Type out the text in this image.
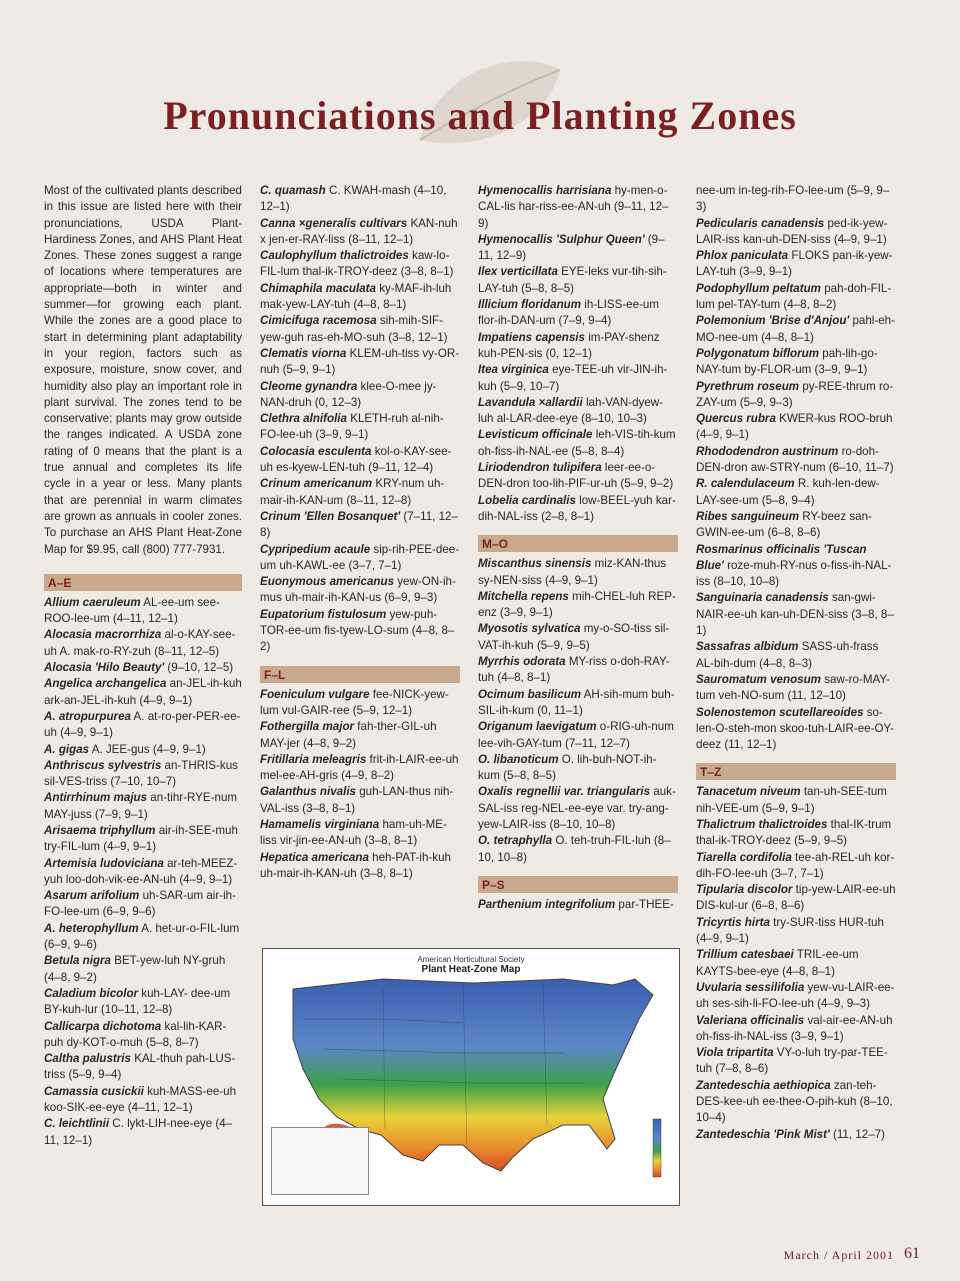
Pronunciations and Planting Zones

Most of the cultivated plants described in this issue are listed here with their pronunciations, USDA Plant-Hardiness Zones, and AHS Plant Heat Zones. These zones suggest a range of locations where temperatures are appropriate—both in winter and summer—for growing each plant. While the zones are a good place to start in determining plant adaptability in your region, factors such as exposure, moisture, snow cover, and humidity also play an important role in plant survival. The zones tend to be conservative; plants may grow outside the ranges indicated. A USDA zone rating of 0 means that the plant is a true annual and completes its life cycle in a year or less. Many plants that are perennial in warm climates are grown as annuals in cooler zones. To purchase an AHS Plant Heat-Zone Map for $9.95, call (800) 777-7931.

A–E
Allium caeruleum AL-ee-um see-ROO-lee-um (4–11, 12–1)
Alocasia macrorrhiza al-o-KAY-see-uh A. mak-ro-RY-zuh (8–11, 12–5)
Alocasia 'Hilo Beauty' (9–10, 12–5)
Angelica archangelica an-JEL-ih-kuh ark-an-JEL-ih-kuh (4–9, 9–1)
A. atropurpurea A. at-ro-per-PER-ee-uh (4–9, 9–1)
A. gigas A. JEE-gus (4–9, 9–1)
Anthriscus sylvestris an-THRIS-kus sil-VES-triss (7–10, 10–7)
Antirrhinum majus an-tihr-RYE-num MAY-juss (7–9, 9–1)
Arisaema triphyllum air-ih-SEE-muh try-FIL-lum (4–9, 9–1)
Artemisia ludoviciana ar-teh-MEEZ-yuh loo-doh-vik-ee-AN-uh (4–9, 9–1)
Asarum arifolium uh-SAR-um air-ih-FO-lee-um (6–9, 9–6)
A. heterophyllum A. het-ur-o-FIL-lum (6–9, 9–6)
Betula nigra BET-yew-luh NY-gruh (4–8, 9–2)
Caladium bicolor kuh-LAY- dee-um BY-kuh-lur (10–11, 12–8)
Callicarpa dichotoma kal-lih-KAR-puh dy-KOT-o-muh (5–8, 8–7)
Caltha palustris KAL-thuh pah-LUS-triss (5–9, 9–4)
Camassia cusickii kuh-MASS-ee-uh koo-SIK-ee-eye (4–11, 12–1)
C. leichtlinii C. lykt-LIH-nee-eye (4–11, 12–1)
C. quamash C. KWAH-mash (4–10, 12–1)
Canna ×generalis cultivars KAN-nuh x jen-er-RAY-liss (8–11, 12–1)
Caulophyllum thalictroides kaw-lo-FIL-lum thal-ik-TROY-deez (3–8, 8–1)
Chimaphila maculata ky-MAF-ih-luh mak-yew-LAY-tuh (4–8, 8–1)
Cimicifuga racemosa sih-mih-SIF-yew-guh ras-eh-MO-suh (3–8, 12–1)
Clematis viorna KLEM-uh-tiss vy-OR-nuh (5–9, 9–1)
Cleome gynandra klee-O-mee jy-NAN-druh (0, 12–3)
Clethra alnifolia KLETH-ruh al-nih-FO-lee-uh (3–9, 9–1)
Colocasia esculenta kol-o-KAY-see-uh es-kyew-LEN-tuh (9–11, 12–4)
Crinum americanum KRY-num uh-mair-ih-KAN-um (8–11, 12–8)
Crinum 'Ellen Bosanquet' (7–11, 12–8)
Cypripedium acaule sip-rih-PEE-dee-um uh-KAWL-ee (3–7, 7–1)
Euonymous americanus yew-ON-ih-mus uh-mair-ih-KAN-us (6–9, 9–3)
Eupatorium fistulosum yew-puh-TOR-ee-um fis-tyew-LO-sum (4–8, 8–2)
F–L
Foeniculum vulgare fee-NICK-yew-lum vul-GAIR-ree (5–9, 12–1)
Fothergilla major fah-ther-GIL-uh MAY-jer (4–8, 9–2)
Fritillaria meleagris frit-ih-LAIR-ee-uh mel-ee-AH-gris (4–9, 8–2)
Galanthus nivalis guh-LAN-thus nih-VAL-iss (3–8, 8–1)
Hamamelis virginiana ham-uh-ME-liss vir-jin-ee-AN-uh (3–8, 8–1)
Hepatica americana heh-PAT-ih-kuh uh-mair-ih-KAN-uh (3–8, 8–1)
Hymenocallis harrisiana hy-men-o-CAL-lis har-riss-ee-AN-uh (9–11, 12–9)
Hymenocallis 'Sulphur Queen' (9–11, 12–9)
Ilex verticillata EYE-leks vur-tih-sih-LAY-tuh (5–8, 8–5)
Illicium floridanum ih-LISS-ee-um flor-ih-DAN-um (7–9, 9–4)
Impatiens capensis im-PAY-shenz kuh-PEN-sis (0, 12–1)
Itea virginica eye-TEE-uh vir-JIN-ih-kuh (5–9, 10–7)
Lavandula ×allardii lah-VAN-dyew-luh al-LAR-dee-eye (8–10, 10–3)
Levisticum officinale leh-VIS-tih-kum oh-fiss-ih-NAL-ee (5–8, 8–4)
Liriodendron tulipifera leer-ee-o-DEN-dron too-lih-PIF-ur-uh (5–9, 9–2)
Lobelia cardinalis low-BEEL-yuh kar-dih-NAL-iss (2–8, 8–1)
M–O
Miscanthus sinensis miz-KAN-thus sy-NEN-siss (4–9, 9–1)
Mitchella repens mih-CHEL-luh REP-enz (3–9, 9–1)
Myosotis sylvatica my-o-SO-tiss sil-VAT-ih-kuh (5–9, 9–5)
Myrrhis odorata MY-riss o-doh-RAY-tuh (4–8, 8–1)
Ocimum basilicum AH-sih-mum buh-SIL-ih-kum (0, 11–1)
Origanum laevigatum o-RIG-uh-num lee-vih-GAY-tum (7–11, 12–7)
O. libanoticum O. lih-buh-NOT-ih-kum (5–8, 8–5)
Oxalis regnellii var. triangularis auk-SAL-iss reg-NEL-ee-eye var. try-ang-yew-LAIR-iss (8–10, 10–8)
O. tetraphylla O. teh-truh-FIL-luh (8–10, 10–8)
P–S
Parthenium integrifolium par-THEE-
nee-um in-teg-rih-FO-lee-um (5–9, 9–3)
Pedicularis canadensis ped-ik-yew-LAIR-iss kan-uh-DEN-siss (4–9, 9–1)
Phlox paniculata FLOKS pan-ik-yew-LAY-tuh (3–9, 9–1)
Podophyllum peltatum pah-doh-FIL-lum pel-TAY-tum (4–8, 8–2)
Polemonium 'Brise d'Anjou' pahl-eh-MO-nee-um (4–8, 8–1)
Polygonatum biflorum pah-lih-go-NAY-tum by-FLOR-um (3–9, 9–1)
Pyrethrum roseum py-REE-thrum ro-ZAY-um (5–9, 9–3)
Quercus rubra KWER-kus ROO-bruh (4–9, 9–1)
Rhododendron austrinum ro-doh-DEN-dron aw-STRY-num (6–10, 11–7)
R. calendulaceum R. kuh-len-dew-LAY-see-um (5–8, 9–4)
Ribes sanguineum RY-beez san-GWIN-ee-um (6–8, 8–6)
Rosmarinus officinalis 'Tuscan Blue' roze-muh-RY-nus o-fiss-ih-NAL-iss (8–10, 10–8)
Sanguinaria canadensis san-gwi-NAIR-ee-uh kan-uh-DEN-siss (3–8, 8–1)
Sassafras albidum SASS-uh-frass AL-bih-dum (4–8, 8–3)
Sauromatum venosum saw-ro-MAY-tum veh-NO-sum (11, 12–10)
Solenostemon scutellareoides so-len-O-steh-mon skoo-tuh-LAIR-ee-OY-deez (11, 12–1)
T–Z
Tanacetum niveum tan-uh-SEE-tum nih-VEE-um (5–9, 9–1)
Thalictrum thalictroides thal-IK-trum thal-ik-TROY-deez (5–9, 9–5)
Tiarella cordifolia tee-ah-REL-uh kor-dih-FO-lee-uh (3–7, 7–1)
Tipularia discolor tip-yew-LAIR-ee-uh DIS-kul-ur (6–8, 8–6)
Tricyrtis hirta try-SUR-tiss HUR-tuh (4–9, 9–1)
Trillium catesbaei TRIL-ee-um KAYTS-bee-eye (4–8, 8–1)
Uvularia sessilifolia yew-vu-LAIR-ee-uh ses-sih-li-FO-lee-uh (4–9, 9–3)
Valeriana officinalis val-air-ee-AN-uh oh-fiss-ih-NAL-iss (3–9, 9–1)
Viola tripartita VY-o-luh try-par-TEE-tuh (7–8, 8–6)
Zantedeschia aethiopica zan-teh-DES-kee-uh ee-thee-O-pih-kuh (8–10, 10–4)
Zantedeschia 'Pink Mist' (11, 12–7)
American Horticultural Society
Plant Heat-Zone Map
March / April 2001 61
